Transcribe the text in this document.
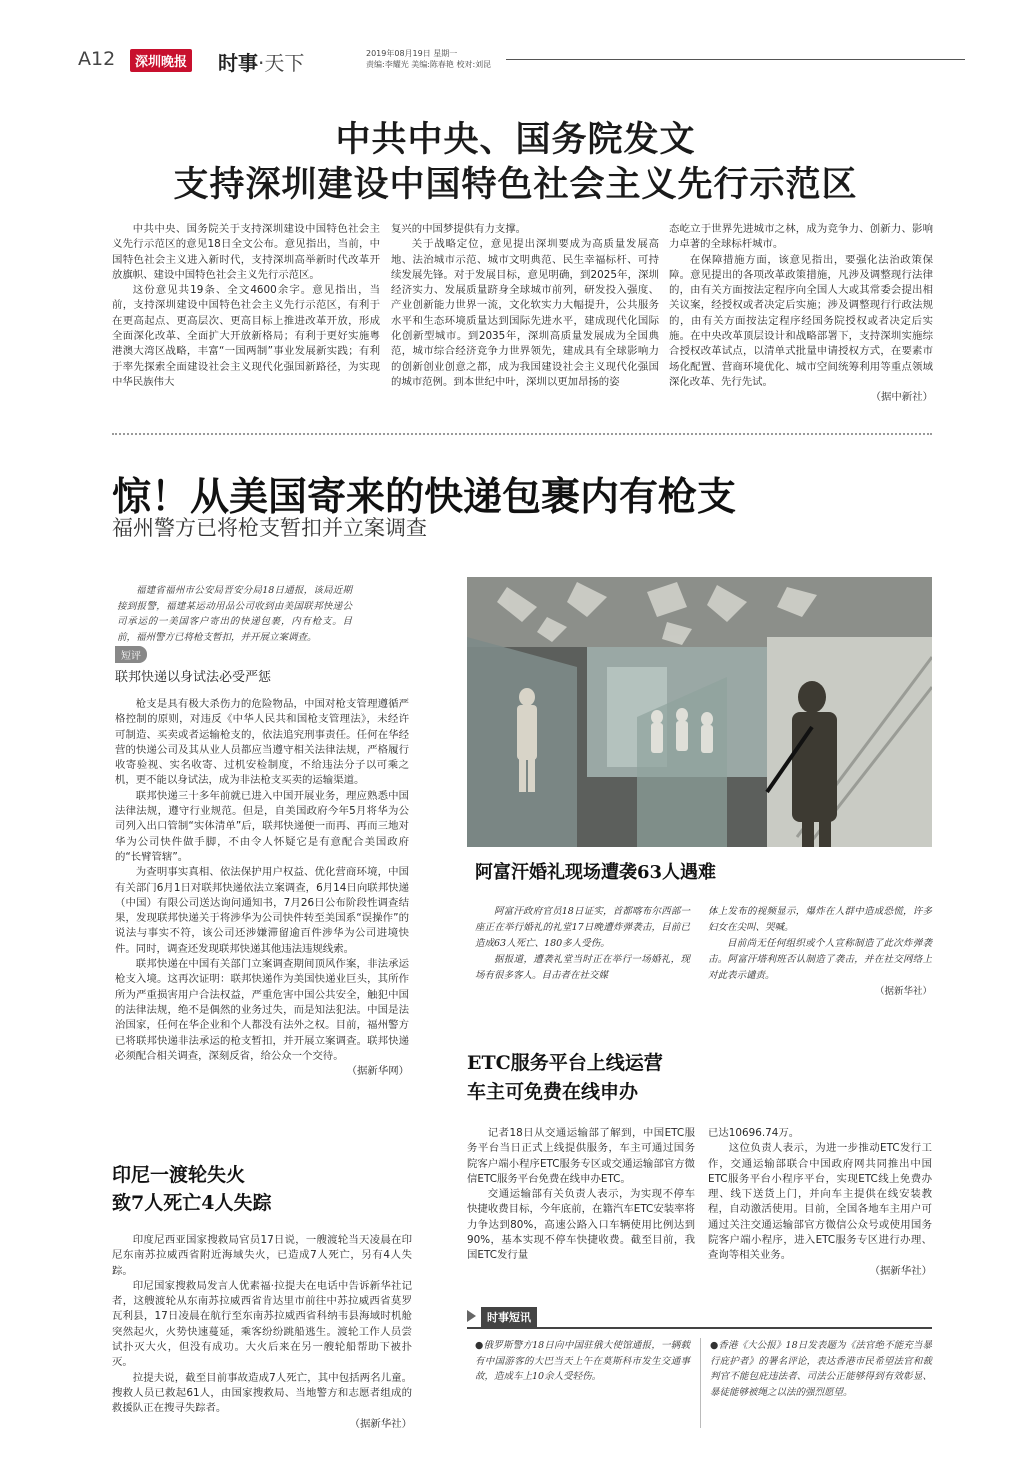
A12	深圳晚报 时事·天下	2019年08月19日 星期一
责编:李耀光 美编:陈春艳 校对:刘昆
中共中央、国务院发文
支持深圳建设中国特色社会主义先行示范区

中共中央、国务院关于支持深圳建设中国特色社会主义先行示范区的意见18日全文公布。意见指出，当前，中国特色社会主义进入新时代，支持深圳高举新时代改革开放旗帜、建设中国特色社会主义先行示范区。

这份意见共19条、全文4600余字。意见指出，当前，支持深圳建设中国特色社会主义先行示范区，有利于在更高起点、更高层次、更高目标上推进改革开放，形成全面深化改革、全面扩大开放新格局；有利于更好实施粤港澳大湾区战略，丰富“一国两制”事业发展新实践；有利于率先探索全面建设社会主义现代化强国新路径，为实现中华民族伟大

复兴的中国梦提供有力支撑。

关于战略定位，意见提出深圳要成为高质量发展高地、法治城市示范、城市文明典范、民生幸福标杆、可持续发展先锋。对于发展目标，意见明确，到2025年，深圳经济实力、发展质量跻身全球城市前列，研发投入强度、产业创新能力世界一流，文化软实力大幅提升，公共服务水平和生态环境质量达到国际先进水平，建成现代化国际化创新型城市。到2035年，深圳高质量发展成为全国典范，城市综合经济竞争力世界领先，建成具有全球影响力的创新创业创意之都，成为我国建设社会主义现代化强国的城市范例。到本世纪中叶，深圳以更加昂扬的姿

态屹立于世界先进城市之林，成为竞争力、创新力、影响力卓著的全球标杆城市。

在保障措施方面，该意见指出，要强化法治政策保障。意见提出的各项改革政策措施，凡涉及调整现行法律的，由有关方面按法定程序向全国人大或其常委会提出相关议案，经授权或者决定后实施；涉及调整现行行政法规的，由有关方面按法定程序经国务院授权或者决定后实施。在中央改革顶层设计和战略部署下，支持深圳实施综合授权改革试点，以清单式批量申请授权方式，在要素市场化配置、营商环境优化、城市空间统筹利用等重点领域深化改革、先行先试。

（据中新社）
惊！从美国寄来的快递包裹内有枪支
福州警方已将枪支暂扣并立案调查

福建省福州市公安局晋安分局18日通报，该局近期接到报警，福建某运动用品公司收到由美国联邦快递公司承运的一美国客户寄出的快递包裹，内有枪支。目前，福州警方已将枪支暂扣，并开展立案调查。

短评
联邦快递以身试法必受严惩

枪支是具有极大杀伤力的危险物品，中国对枪支管理遵循严格控制的原则，对违反《中华人民共和国枪支管理法》，未经许可制造、买卖或者运输枪支的，依法追究刑事责任。任何在华经营的快递公司及其从业人员都应当遵守相关法律法规，严格履行收寄验视、实名收寄、过机安检制度，不给违法分子以可乘之机，更不能以身试法，成为非法枪支买卖的运输渠道。

联邦快递三十多年前就已进入中国开展业务，理应熟悉中国法律法规，遵守行业规范。但是，自美国政府今年5月将华为公司列入出口管制“实体清单”后，联邦快递便一而再、再而三地对华为公司快件做手脚，不由令人怀疑它是有意配合美国政府的“长臂管辖”。

为查明事实真相、依法保护用户权益、优化营商环境，中国有关部门6月1日对联邦快递依法立案调查，6月14日向联邦快递（中国）有限公司送达询问通知书，7月26日公布阶段性调查结果，发现联邦快递关于将涉华为公司快件转至美国系“误操作”的说法与事实不符，该公司还涉嫌滞留逾百件涉华为公司进境快件。同时，调查还发现联邦快递其他违法违规线索。

联邦快递在中国有关部门立案调查期间顶风作案，非法承运枪支入境。这再次证明：联邦快递作为美国快递业巨头，其所作所为严重损害用户合法权益，严重危害中国公共安全，触犯中国的法律法规，绝不是偶然的业务过失，而是知法犯法。中国是法治国家，任何在华企业和个人都没有法外之权。目前，福州警方已将联邦快递非法承运的枪支暂扣，并开展立案调查。联邦快递必须配合相关调查，深刻反省，给公众一个交待。

（据新华网）
阿富汗婚礼现场遭袭63人遇难

阿富汗政府官员18日证实，首都喀布尔西部一座正在举行婚礼的礼堂17日晚遭炸弹袭击，目前已造成63人死亡、180多人受伤。

据报道，遭袭礼堂当时正在举行一场婚礼，现场有很多客人。目击者在社交媒

体上发布的视频显示，爆炸在人群中造成恐慌，许多妇女在尖叫、哭喊。

目前尚无任何组织或个人宣称制造了此次炸弹袭击。阿富汗塔利班否认制造了袭击，并在社交网络上对此表示谴责。

（据新华社）
ETC服务平台上线运营
车主可免费在线申办

记者18日从交通运输部了解到，中国ETC服务平台当日正式上线提供服务，车主可通过国务院客户端小程序ETC服务专区或交通运输部官方微信ETC服务平台免费在线申办ETC。

交通运输部有关负责人表示，为实现不停车快捷收费目标，今年底前，在籍汽车ETC安装率将力争达到80%，高速公路入口车辆使用比例达到90%，基本实现不停车快捷收费。截至目前，我国ETC发行量

已达10696.74万。

这位负责人表示，为进一步推动ETC发行工作，交通运输部联合中国政府网共同推出中国ETC服务平台小程序平台，实现ETC线上免费办理、线下送货上门，并向车主提供在线安装教程，自动激活使用。目前，全国各地车主用户可通过关注交通运输部官方微信公众号或使用国务院客户端小程序，进入ETC服务专区进行办理、查询等相关业务。

（据新华社）
印尼一渡轮失火
致7人死亡4人失踪

印度尼西亚国家搜救局官员17日说，一艘渡轮当天凌晨在印尼东南苏拉威西省附近海域失火，已造成7人死亡，另有4人失踪。

印尼国家搜救局发言人优素福·拉提夫在电话中告诉新华社记者，这艘渡轮从东南苏拉威西省肯达里市前往中苏拉威西省莫罗瓦利县，17日凌晨在航行至东南苏拉威西省科纳韦县海域时机舱突然起火，火势快速蔓延，乘客纷纷跳船逃生。渡轮工作人员尝试扑灭大火，但没有成功。大火后来在另一艘轮船帮助下被扑灭。

拉提夫说，截至目前事故造成7人死亡，其中包括两名儿童。搜救人员已救起61人，由国家搜救局、当地警方和志愿者组成的救援队正在搜寻失踪者。

（据新华社）
时事短讯

●俄罗斯警方18日向中国驻俄大使馆通报，一辆载有中国游客的大巴当天上午在莫斯科市发生交通事故，造成车上10余人受轻伤。

●香港《大公报》18日发表题为《法官绝不能充当暴行庇护者》的署名评论，表达香港市民希望法官和裁判官不能包庇违法者、司法公正能够得到有效彰显、暴徒能够被绳之以法的强烈愿望。
